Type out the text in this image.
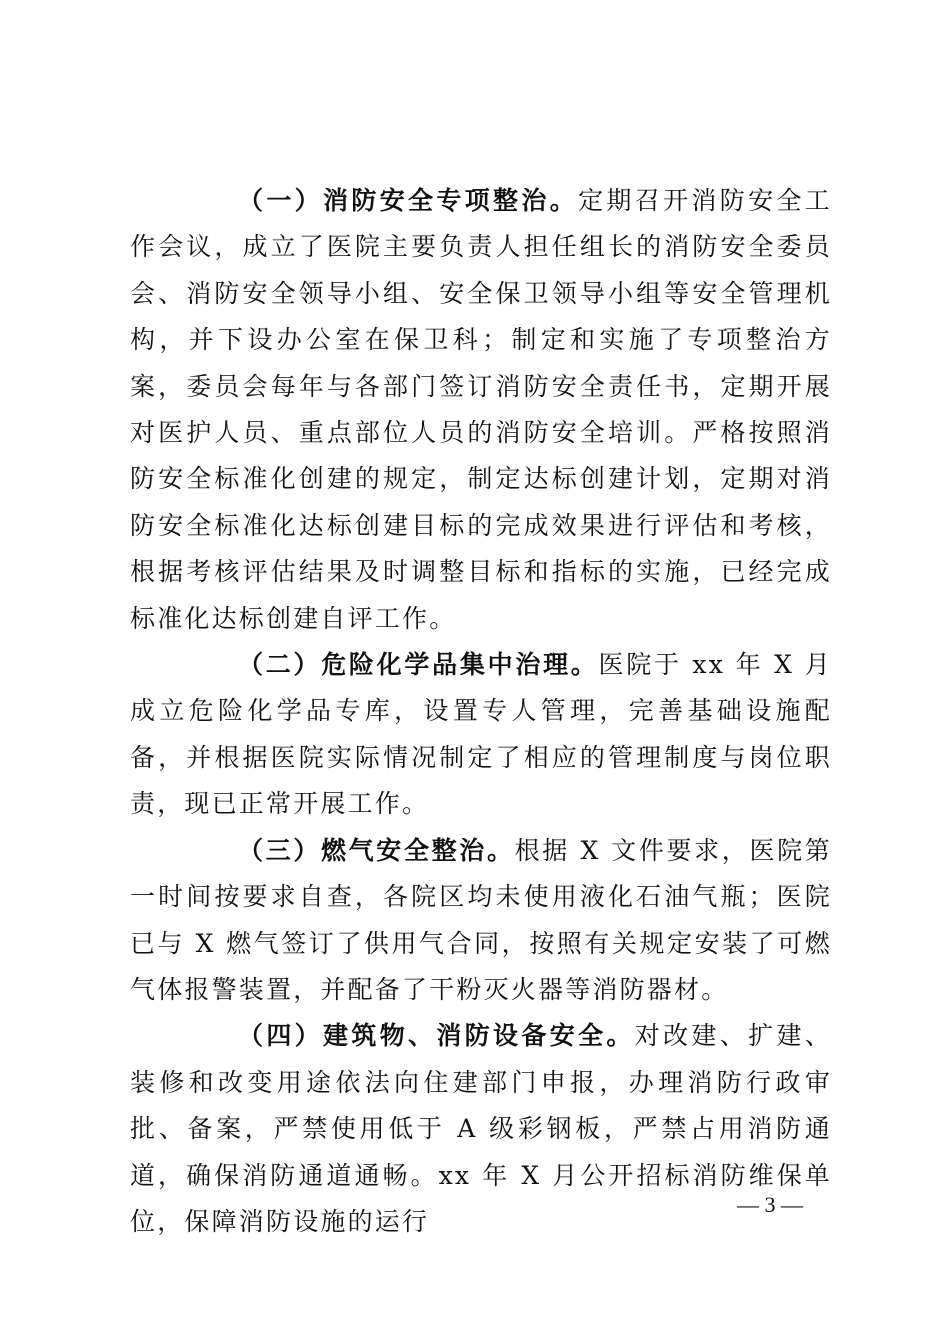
（一）消防安全专项整治。定期召开消防安全工作会议，成立了医院主要负责人担任组长的消防安全委员会、消防安全领导小组、安全保卫领导小组等安全管理机构，并下设办公室在保卫科；制定和实施了专项整治方案，委员会每年与各部门签订消防安全责任书，定期开展对医护人员、重点部位人员的消防安全培训。严格按照消防安全标准化创建的规定，制定达标创建计划，定期对消防安全标准化达标创建目标的完成效果进行评估和考核，根据考核评估结果及时调整目标和指标的实施，已经完成标准化达标创建自评工作。

（二）危险化学品集中治理。医院于 xx 年 X 月成立危险化学品专库，设置专人管理，完善基础设施配备，并根据医院实际情况制定了相应的管理制度与岗位职责，现已正常开展工作。

（三）燃气安全整治。根据 X 文件要求，医院第一时间按要求自查，各院区均未使用液化石油气瓶；医院已与 X 燃气签订了供用气合同，按照有关规定安装了可燃气体报警装置，并配备了干粉灭火器等消防器材。

（四）建筑物、消防设备安全。对改建、扩建、装修和改变用途依法向住建部门申报，办理消防行政审批、备案，严禁使用低于 A 级彩钢板，严禁占用消防通道，确保消防通道通畅。xx 年 X 月公开招标消防维保单位，保障消防设施的运行

— 3 —
